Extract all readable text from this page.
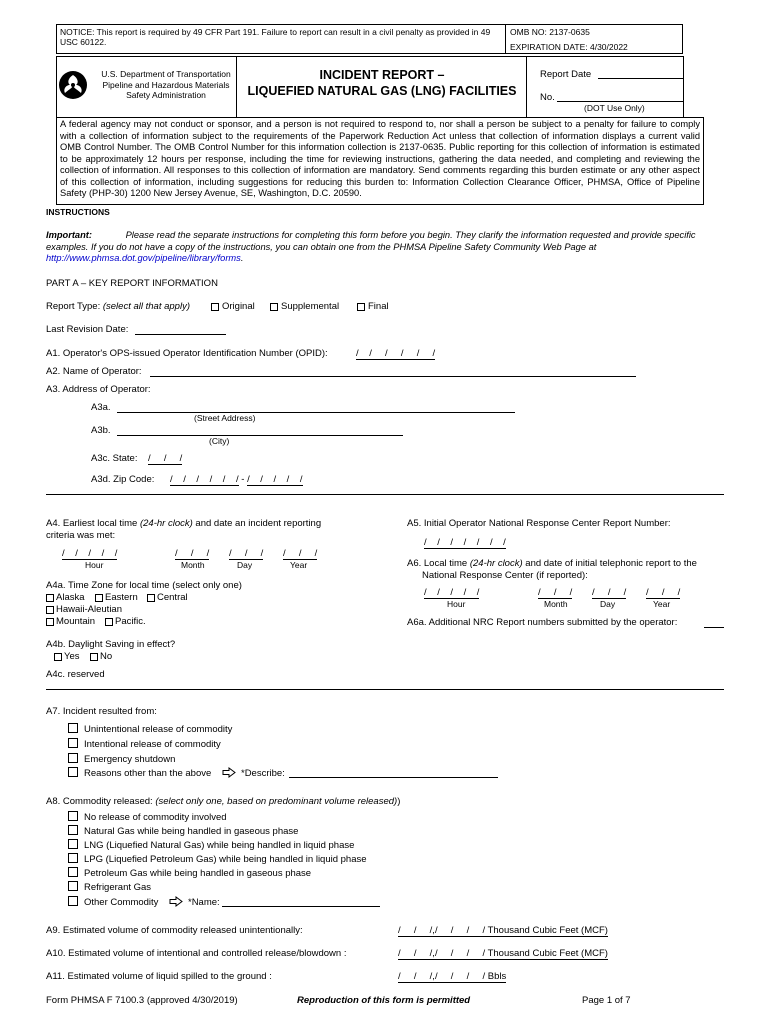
NOTICE: This report is required by 49 CFR Part 191. Failure to report can result in a civil penalty as provided in 49 USC 60122.
OMB NO: 2137-0635
EXPIRATION DATE: 4/30/2022
U.S. Department of Transportation
Pipeline and Hazardous Materials
Safety Administration
INCIDENT REPORT –
LIQUEFIED NATURAL GAS (LNG) FACILITIES
Report Date
No.
(DOT Use Only)
A federal agency may not conduct or sponsor, and a person is not required to respond to, nor shall a person be subject to a penalty for failure to comply with a collection of information subject to the requirements of the Paperwork Reduction Act unless that collection of information displays a current valid OMB Control Number. The OMB Control Number for this information collection is 2137-0635. Public reporting for this collection of information is estimated to be approximately 12 hours per response, including the time for reviewing instructions, gathering the data needed, and completing and reviewing the collection of information. All responses to this collection of information are mandatory. Send comments regarding this burden estimate or any other aspect of this collection of information, including suggestions for reducing this burden to: Information Collection Clearance Officer, PHMSA, Office of Pipeline Safety (PHP-30) 1200 New Jersey Avenue, SE, Washington, D.C. 20590.
INSTRUCTIONS
Important:	Please read the separate instructions for completing this form before you begin. They clarify the information requested and provide specific examples. If you do not have a copy of the instructions, you can obtain one from the PHMSA Pipeline Safety Community Web Page at http://www.phmsa.dot.gov/pipeline/library/forms.
PART A – KEY REPORT INFORMATION
Report Type: (select all that apply)	Original	Supplemental	Final
Last Revision Date:
A1. Operator's OPS-issued Operator Identification Number (OPID):	/    /     /     /     /     /
A2. Name of Operator:
A3. Address of Operator:
A3a.
(Street Address)
A3b.
(City)
A3c. State: /     /     /
A3d. Zip Code: /    /    /    /    /    / - /    /    /    /    /
A4. Earliest local time (24-hr clock) and date an incident reporting
criteria was met:
/    /    /    /    /	/     /     / /     /     / /     /     /
Hour	Month	Day	Year
A4a. Time Zone for local time (select only one)
Alaska Eastern Central
Hawaii-Aleutian
Mountain Pacific.
A4b. Daylight Saving in effect?
Yes No
A4c. reserved
A5. Initial Operator National Response Center Report Number:
/    /    /    /    /    /    /
A6. Local time (24-hr clock) and date of initial telephonic report to the
National Response Center (if reported):
/    /    /    /    /	/     /     / /     /     / /     /     /
Hour	Month	Day	Year
A6a. Additional NRC Report numbers submitted by the operator:
A7. Incident resulted from:
Unintentional release of commodity
Intentional release of commodity
Emergency shutdown
Reasons other than the above	*Describe:
A8. Commodity released: (select only one, based on predominant volume released))
No release of commodity involved
Natural Gas while being handled in gaseous phase
LNG (Liquefied Natural Gas) while being handled in liquid phase
LPG (Liquefied Petroleum Gas) while being handled in liquid phase
Petroleum Gas while being handled in gaseous phase
Refrigerant Gas
Other Commodity	*Name:
A9. Estimated volume of commodity released unintentionally:	/     /     /,/     /     /     / Thousand Cubic Feet (MCF)
A10. Estimated volume of intentional and controlled release/blowdown :	/     /     /,/     /     /     / Thousand Cubic Feet (MCF)
A11. Estimated volume of liquid spilled to the ground :	/     /     /,/     /     /     / Bbls
Form PHMSA F 7100.3 (approved 4/30/2019)	Reproduction of this form is permitted	Page 1 of 7
